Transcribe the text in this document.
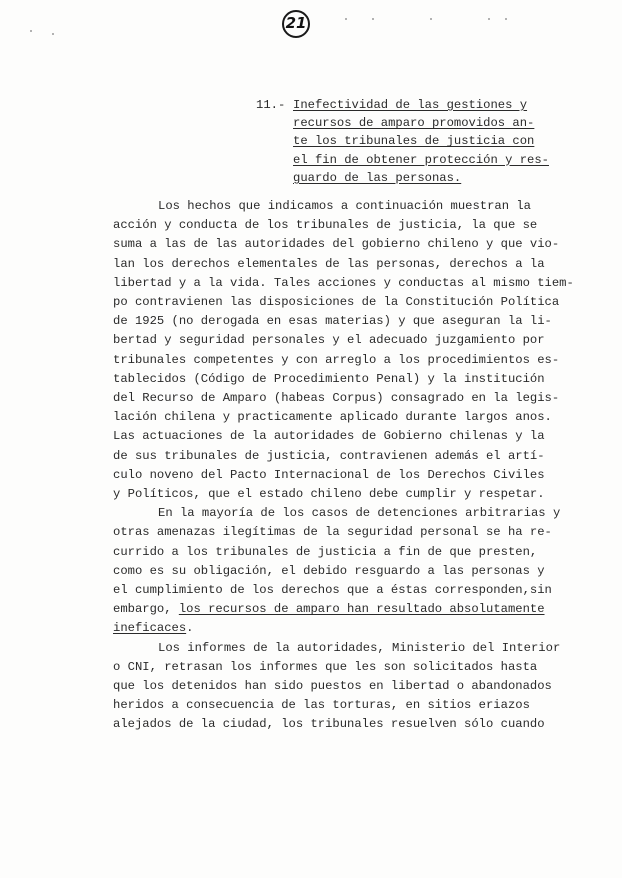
21
11.- Inefectividad de las gestiones y
recursos de amparo promovidos an-
te los tribunales de justicia con
el fin de obtener protección y res-
guardo de las personas.
Los hechos que indicamos a continuación muestran la
acción y conducta de los tribunales de justicia, la que se
suma a las de las autoridades del gobierno chileno y que vio-
lan los derechos elementales de las personas, derechos a la
libertad y a la vida. Tales acciones y conductas al mismo tiem-
po contravienen las disposiciones de la Constitución Política
de 1925 (no derogada en esas materias) y que aseguran la li-
bertad y seguridad personales y el adecuado juzgamiento por
tribunales competentes y con arreglo a los procedimientos es-
tablecidos (Código de Procedimiento Penal) y la institución
del Recurso de Amparo (habeas Corpus) consagrado en la legis-
lación chilena y practicamente aplicado durante largos anos.
Las actuaciones de la autoridades de Gobierno chilenas y la
de sus tribunales de justicia, contravienen además el artí-
culo noveno del Pacto Internacional de los Derechos Civiles
y Políticos, que el estado chileno debe cumplir y respetar.
En la mayoría de los casos de detenciones arbitrarias y
otras amenazas ilegítimas de la seguridad personal se ha re-
currido a los tribunales de justicia a fin de que presten,
como es su obligación, el debido resguardo a las personas y
el cumplimiento de los derechos que a éstas corresponden,sin
embargo, los recursos de amparo han resultado absolutamente
ineficaces.
Los informes de la autoridades, Ministerio del Interior
o CNI, retrasan los informes que les son solicitados hasta
que los detenidos han sido puestos en libertad o abandonados
heridos a consecuencia de las torturas, en sitios eriazos
alejados de la ciudad, los tribunales resuelven sólo cuando
